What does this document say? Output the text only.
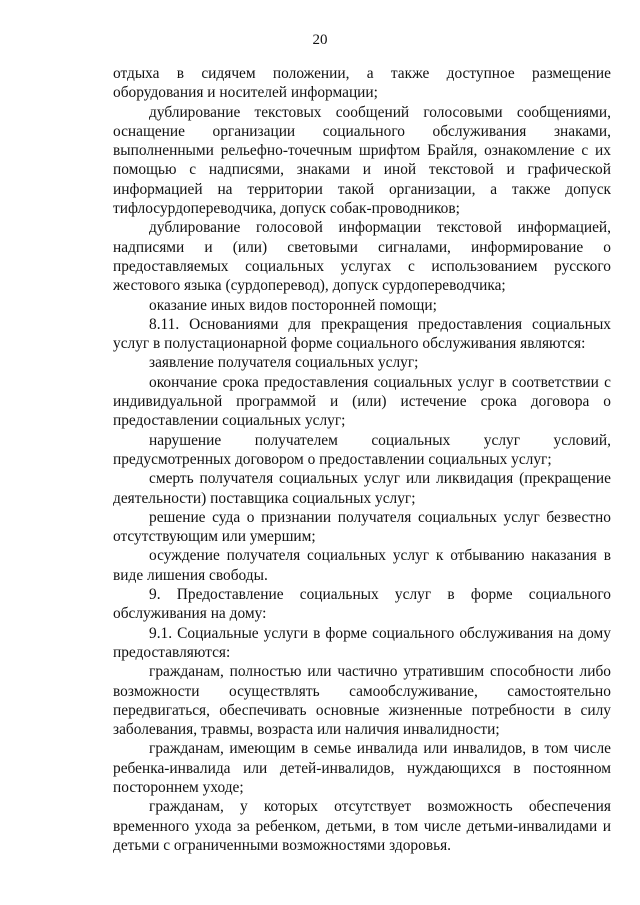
20

отдыха в сидячем положении, а также доступное размещение оборудования и носителей информации;

дублирование текстовых сообщений голосовыми сообщениями, оснащение организации социального обслуживания знаками, выполненными рельефно-точечным шрифтом Брайля, ознакомление с их помощью с надписями, знаками и иной текстовой и графической информацией на территории такой организации, а также допуск тифлосурдопереводчика, допуск собак-проводников;

дублирование голосовой информации текстовой информацией, надписями и (или) световыми сигналами, информирование о предоставляемых социальных услугах с использованием русского жестового языка (сурдоперевод), допуск сурдопереводчика;

оказание иных видов посторонней помощи;

8.11. Основаниями для прекращения предоставления социальных услуг в полустационарной форме социального обслуживания являются:

заявление получателя социальных услуг;

окончание срока предоставления социальных услуг в соответствии с индивидуальной программой и (или) истечение срока договора о предоставлении социальных услуг;

нарушение получателем социальных услуг условий, предусмотренных договором о предоставлении социальных услуг;

смерть получателя социальных услуг или ликвидация (прекращение деятельности) поставщика социальных услуг;

решение суда о признании получателя социальных услуг безвестно отсутствующим или умершим;

осуждение получателя социальных услуг к отбыванию наказания в виде лишения свободы.

9. Предоставление социальных услуг в форме социального обслуживания на дому:

9.1. Социальные услуги в форме социального обслуживания на дому предоставляются:

гражданам, полностью или частично утратившим способности либо возможности осуществлять самообслуживание, самостоятельно передвигаться, обеспечивать основные жизненные потребности в силу заболевания, травмы, возраста или наличия инвалидности;

гражданам, имеющим в семье инвалида или инвалидов, в том числе ребенка-инвалида или детей-инвалидов, нуждающихся в постоянном постороннем уходе;

гражданам, у которых отсутствует возможность обеспечения временного ухода за ребенком, детьми, в том числе детьми-инвалидами и детьми с ограниченными возможностями здоровья.
